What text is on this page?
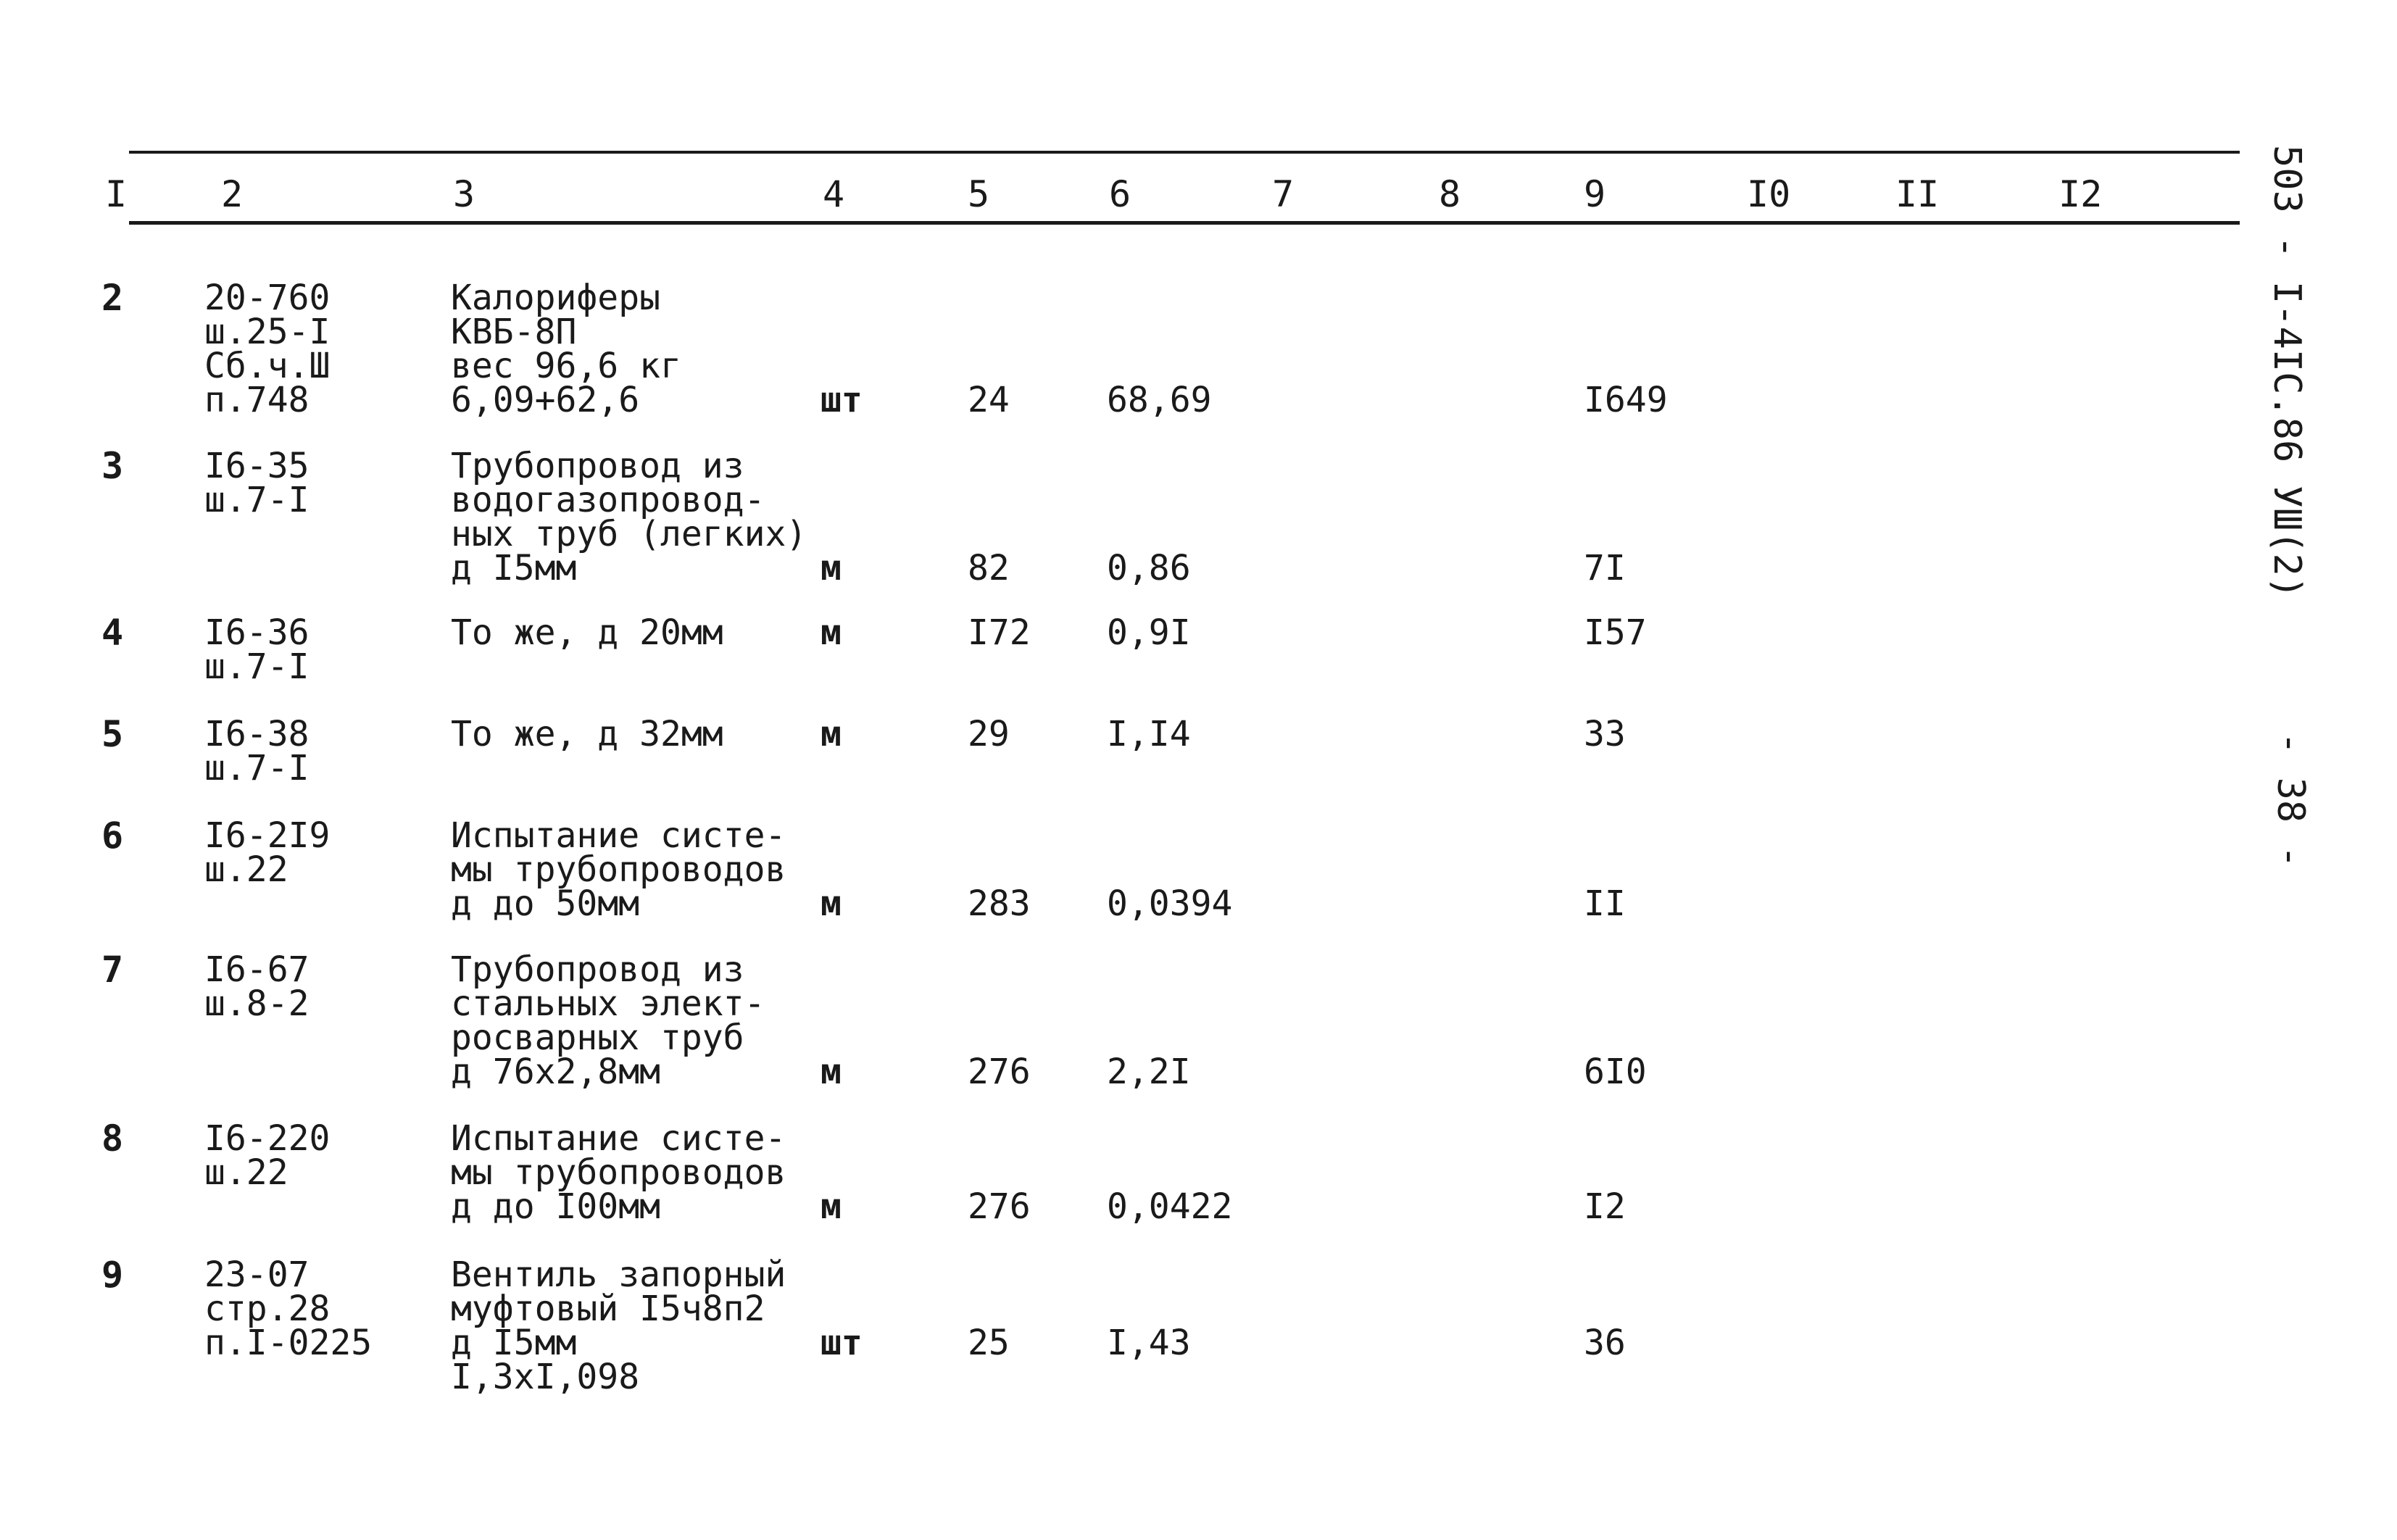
I	2	3	4	5	6	7	8	9	I0	II	I2
2 20-760
ш.25-I
Сб.ч.Ш
п.748
Калориферы
КВБ-8П
вес 96,6 кг
6,09+62,6	шт	24	68,69	I649
3 I6-35
ш.7-I
Трубопровод из
водогазопровод-
ных труб (легких)
д I5мм	м	82	0,86	7I
4 I6-36
ш.7-I
То же, д 20мм	м	I72 0,9I	I57
5 I6-38
ш.7-I
То же, д 32мм	м	29	I,I4	33
6 I6-2I9
ш.22
Испытание систе-
мы трубопроводов
д до 50мм	м	283 0,0394	II
7 I6-67
ш.8-2
Трубопровод из
стальных элект-
росварных труб
д 76х2,8мм	м	276 2,2I	6I0
8 I6-220
ш.22
Испытание систе-
мы трубопроводов
д до I00мм	м	276 0,0422	I2
9 23-07
стр.28
п.I-0225
Вентиль запорный
муфтовый I5ч8п2
д I5мм
I,3хI,098
шт	25	I,43	36
503 - I-4IC.86 УШ(2)
- 38 -
